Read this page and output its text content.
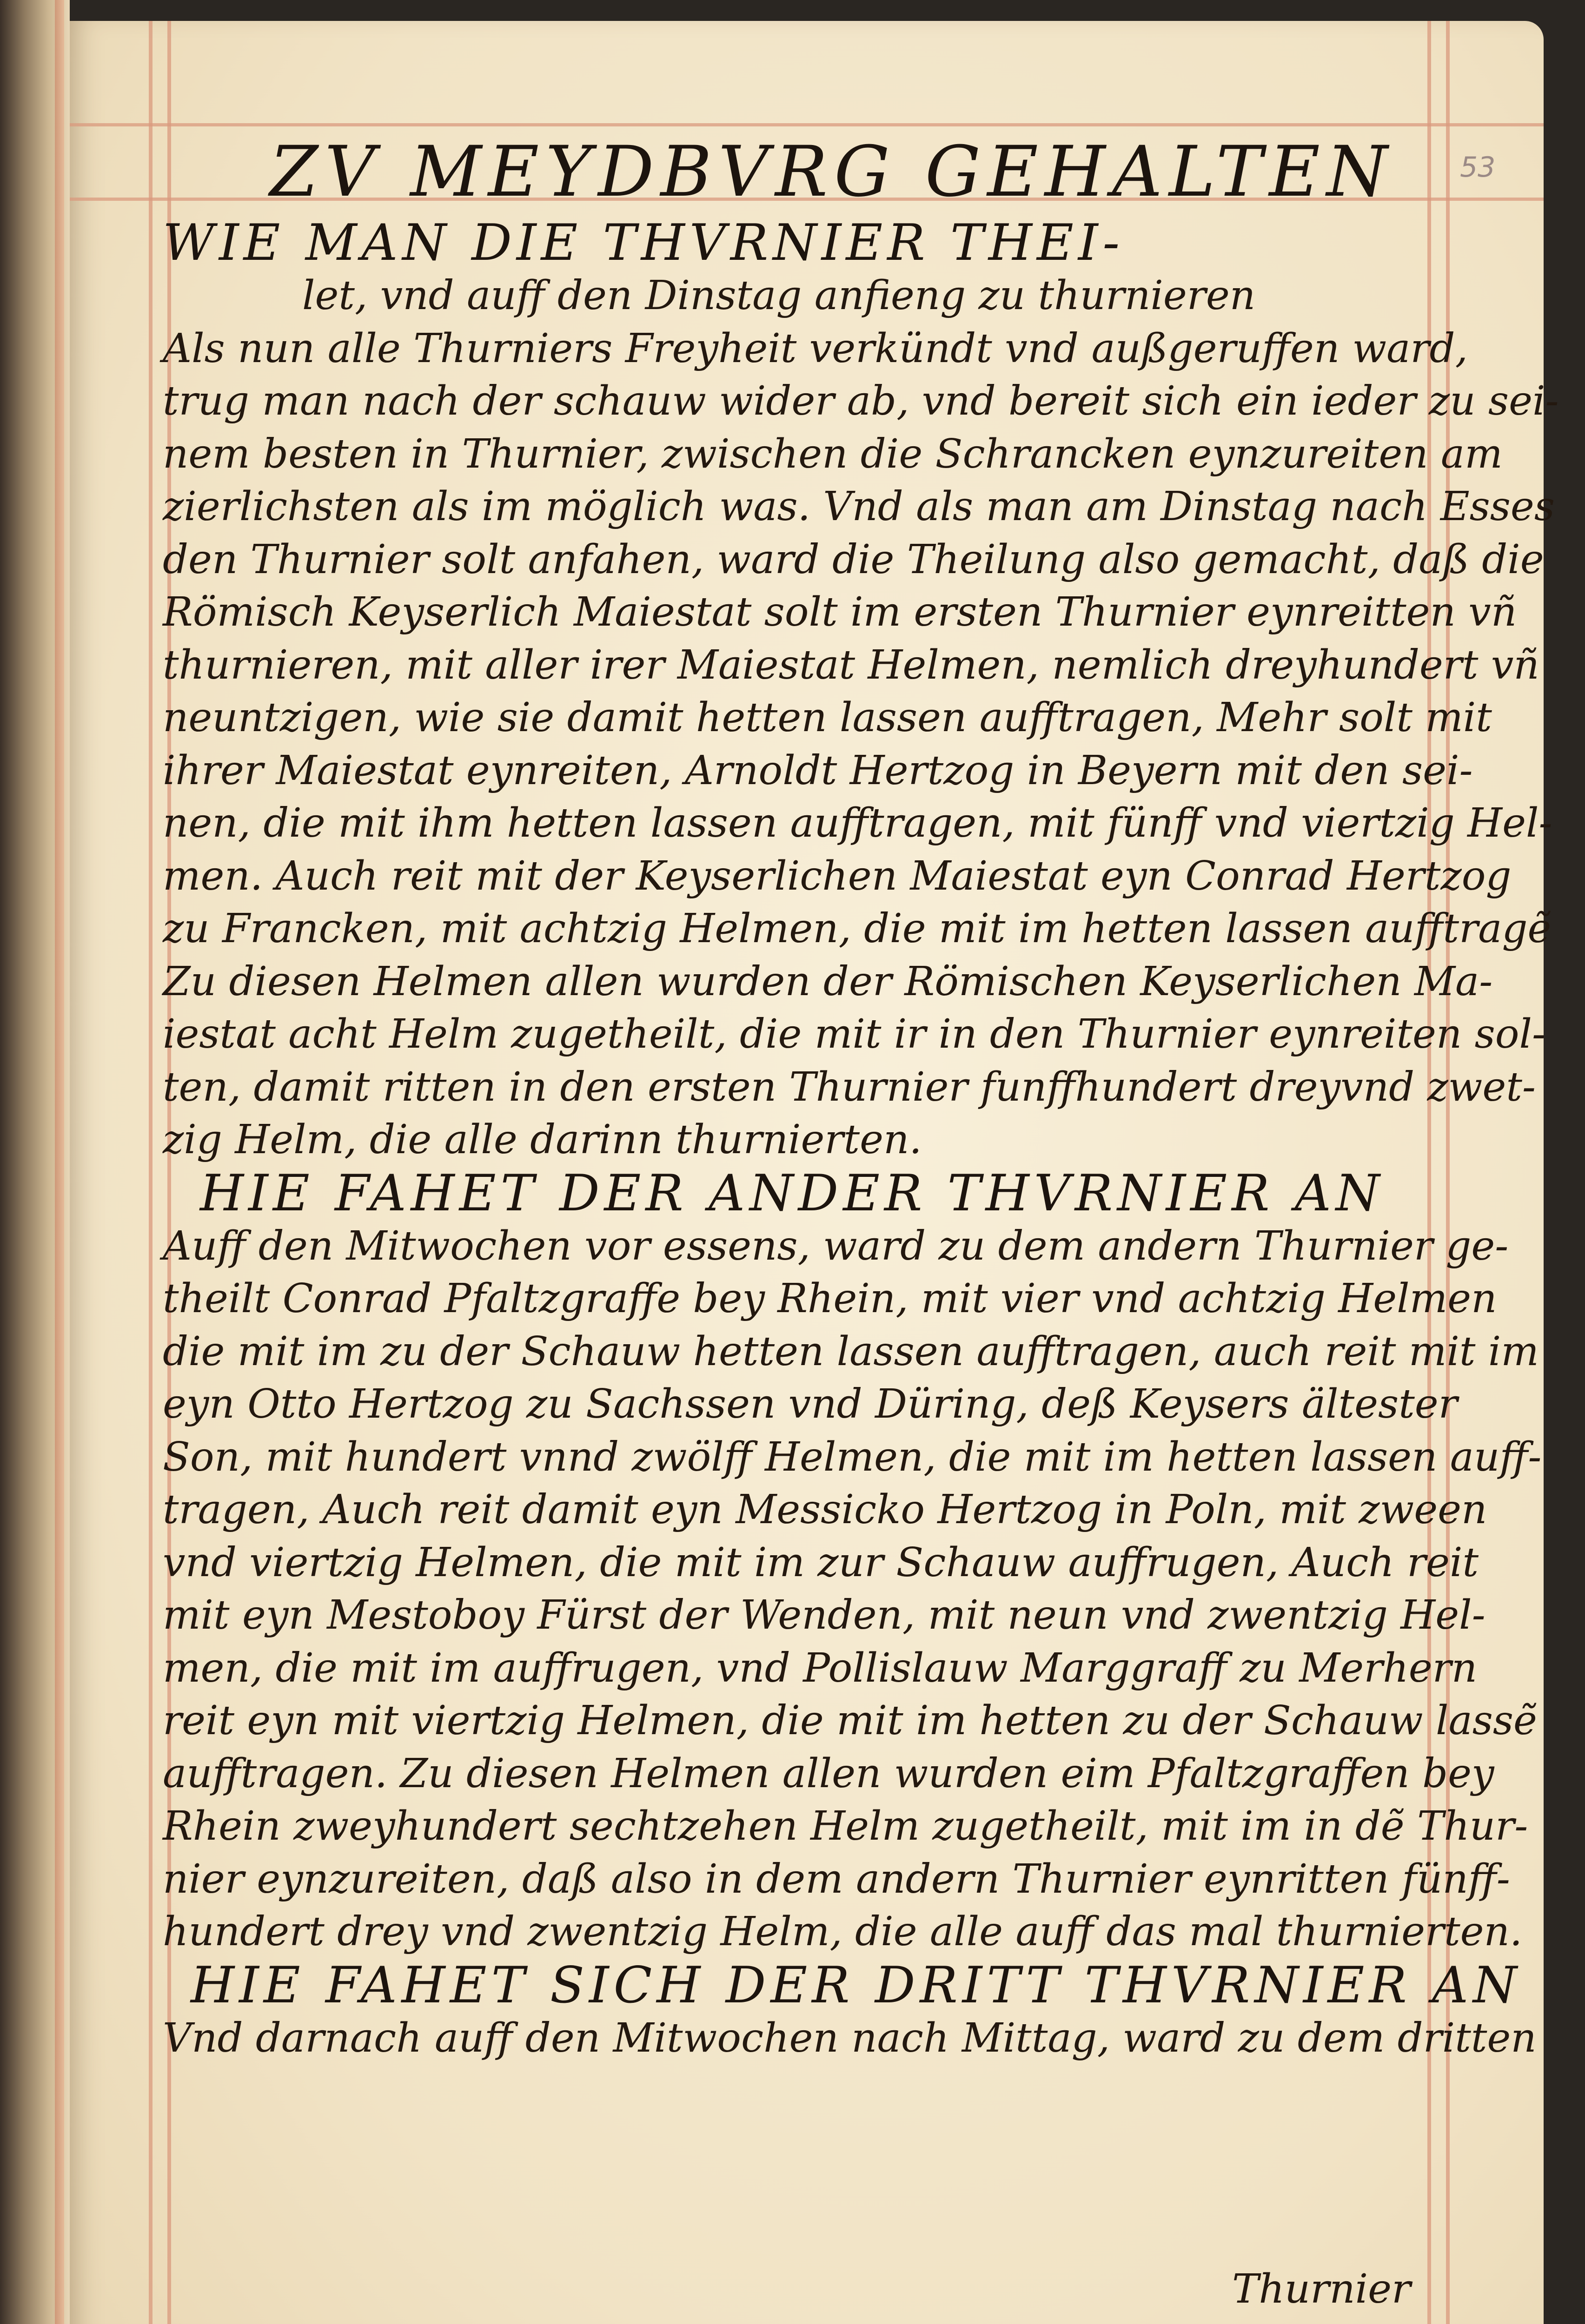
53
ZV MEYDBVRG GEHALTEN
WIE MAN DIE THVRNIER THEI-

let, vnd auff den Dinstag anfieng zu thurnieren

Als nun alle Thurniers Freyheit verkündt vnd außgeruffen ward,

trug man nach der schauw wider ab, vnd bereit sich ein ieder zu sei-

nem besten in Thurnier, zwischen die Schrancken eynzureiten am

zierlichsten als im möglich was. Vnd als man am Dinstag nach Esses

den Thurnier solt anfahen, ward die Theilung also gemacht, daß die

Römisch Keyserlich Maiestat solt im ersten Thurnier eynreitten vñ

thurnieren, mit aller irer Maiestat Helmen, nemlich dreyhundert vñ

neuntzigen, wie sie damit hetten lassen aufftragen, Mehr solt mit

ihrer Maiestat eynreiten, Arnoldt Hertzog in Beyern mit den sei-

nen, die mit ihm hetten lassen aufftragen, mit fünff vnd viertzig Hel-

men. Auch reit mit der Keyserlichen Maiestat eyn Conrad Hertzog

zu Francken, mit achtzig Helmen, die mit im hetten lassen aufftragẽ

Zu diesen Helmen allen wurden der Römischen Keyserlichen Ma-

iestat acht Helm zugetheilt, die mit ir in den Thurnier eynreiten sol-

ten, damit ritten in den ersten Thurnier funffhundert dreyvnd zwet-

zig Helm, die alle darinn thurnierten.

HIE FAHET DER ANDER THVRNIER AN

Auff den Mitwochen vor essens, ward zu dem andern Thurnier ge-

theilt Conrad Pfaltzgraffe bey Rhein, mit vier vnd achtzig Helmen

die mit im zu der Schauw hetten lassen aufftragen, auch reit mit im

eyn Otto Hertzog zu Sachssen vnd Düring, deß Keysers ältester

Son, mit hundert vnnd zwölff Helmen, die mit im hetten lassen auff-

tragen, Auch reit damit eyn Messicko Hertzog in Poln, mit zween

vnd viertzig Helmen, die mit im zur Schauw auffrugen, Auch reit

mit eyn Mestoboy Fürst der Wenden, mit neun vnd zwentzig Hel-

men, die mit im auffrugen, vnd Pollislauw Marggraff zu Merhern

reit eyn mit viertzig Helmen, die mit im hetten zu der Schauw lassẽ

aufftragen. Zu diesen Helmen allen wurden eim Pfaltzgraffen bey

Rhein zweyhundert sechtzehen Helm zugetheilt, mit im in dẽ Thur-

nier eynzureiten, daß also in dem andern Thurnier eynritten fünff-

hundert drey vnd zwentzig Helm, die alle auff das mal thurnierten.

HIE FAHET SICH DER DRITT THVRNIER AN

Vnd darnach auff den Mitwochen nach Mittag, ward zu dem dritten

Thurnier
